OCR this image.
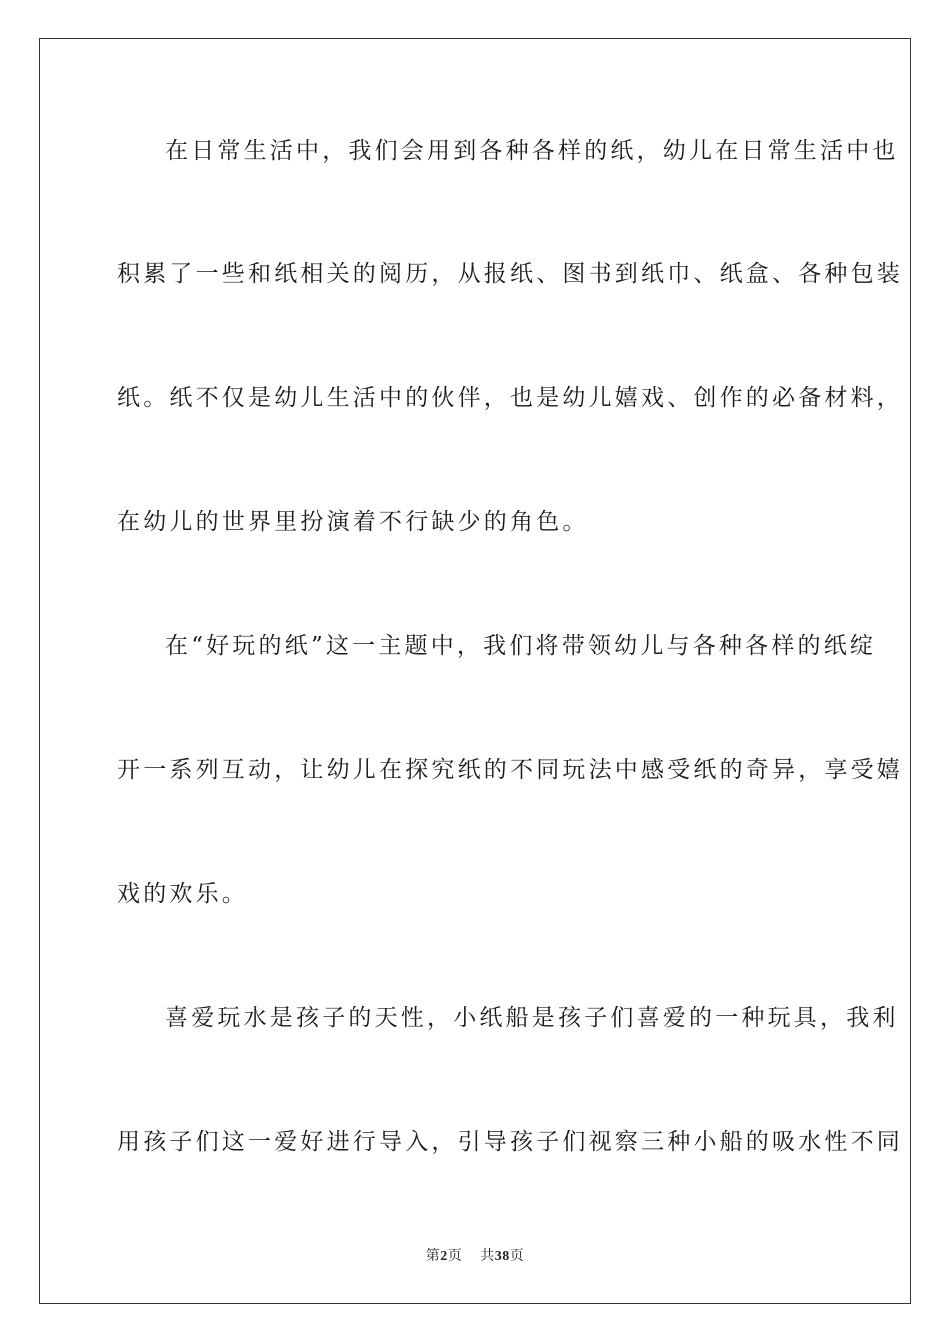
在日常生活中，我们会用到各种各样的纸，幼儿在日常生活中也
积累了一些和纸相关的阅历，从报纸、图书到纸巾、纸盒、各种包装
纸。纸不仅是幼儿生活中的伙伴，也是幼儿嬉戏、创作的必备材料，
在幼儿的世界里扮演着不行缺少的角色。
在“好玩的纸”这一主题中，我们将带领幼儿与各种各样的纸绽
开一系列互动，让幼儿在探究纸的不同玩法中感受纸的奇异，享受嬉
戏的欢乐。
喜爱玩水是孩子的天性，小纸船是孩子们喜爱的一种玩具，我利
用孩子们这一爱好进行导入，引导孩子们视察三种小船的吸水性不同
第2页 共38页
